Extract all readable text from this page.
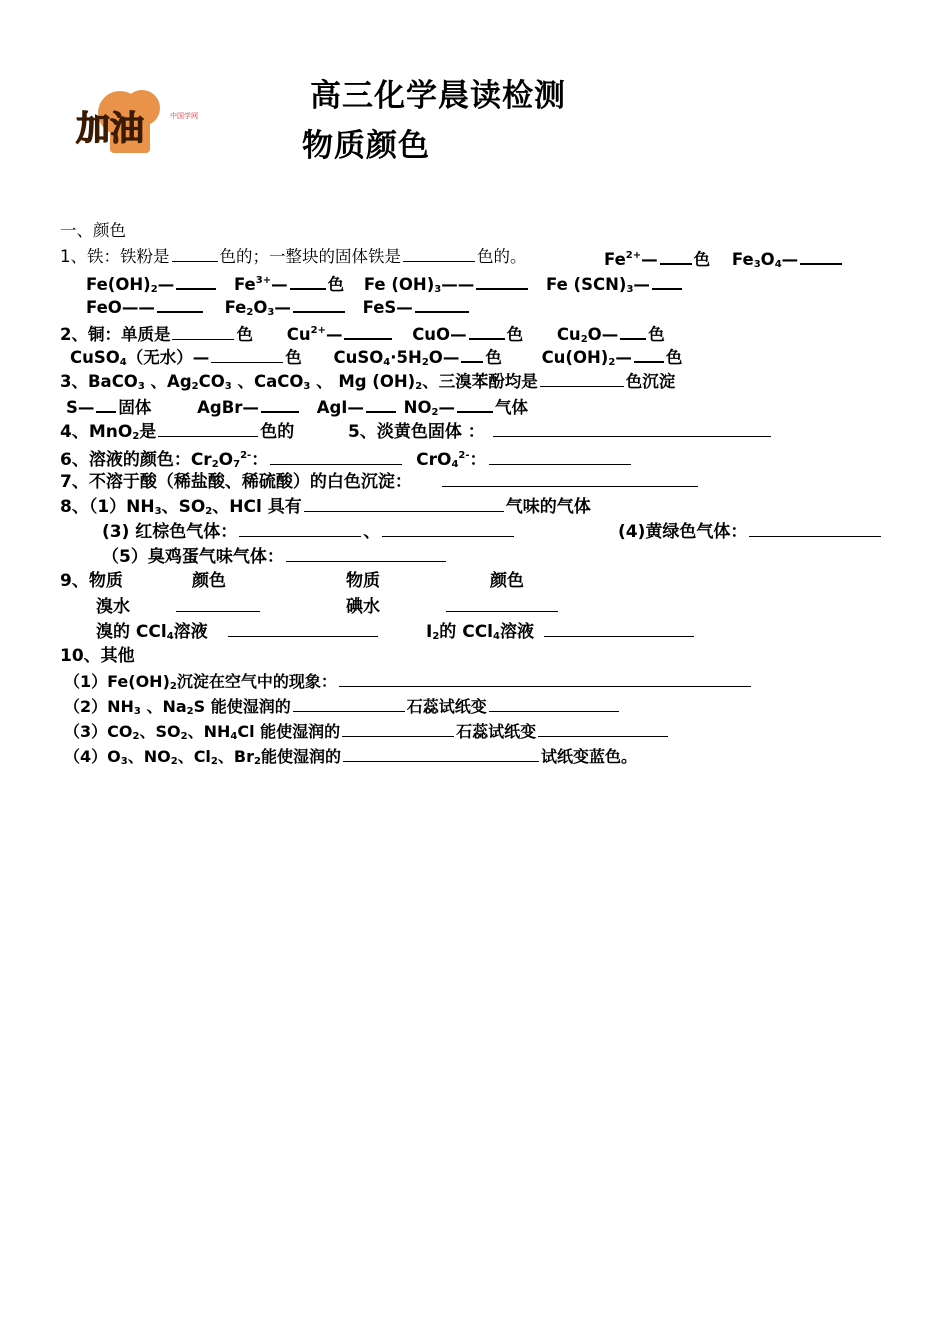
加油	中国学网
高三化学晨读检测
物质颜色
一、颜色
1、铁：铁粉是	色的；一整块的固体铁是	色的。	$Fe^{2+}—$ 色 $Fe_3O_4—$
$Fe(OH)_2—$	$Fe^{3+}—$ 色 Fe $(OH)_3——$	Fe $(SCN)_3—$
FeO——	$Fe_2O_3—$	FeS—
2、铜：单质是	色 $Cu^{2+}—$	CuO— 色 $Cu_2O—$ 色
CuSO$_4$（无水）—	色 $CuSO_4\cdot 5H_2O—$ 色 $Cu(OH)_2—$ 色
3、BaCO$_3$ 、$Ag_2CO_3$ 、CaCO$_3$ 、 Mg $(OH)_2$、三溴苯酚均是	色沉淀
S— 固体	AgBr—	AgI— $NO_2—$ 气体
4、MnO$_2$是	色的	5、淡黄色固体 ：
6、溶液的颜色：$Cr_2O_7^{2-}$：	CrO$_4^{2-}$：
7、不溶于酸（稀盐酸、稀硫酸）的白色沉淀：
8、$(1)NH_3$、$SO_2$、HCl 具有	气味的气体
(3) 红棕色气体：	、	(4)黄绿色气体：
（5）臭鸡蛋气味气体：
9、物质	颜色	物质	颜色
溴水	碘水
溴的 CCl$_4$溶液	$I_2$的 CCl$_4$溶液
10、其他
$(1)Fe(OH)_2$沉淀在空气中的现象：
$(2)NH_3$ 、$Na_2S$ 能使湿润的	石蕊试纸变
$(3)CO_2$、$SO_2$、$NH_4Cl$ 能使湿润的	石蕊试纸变
$(4)O_3$、$NO_2$、$Cl_2$、$Br_2$能使湿润的	试纸变蓝色。
